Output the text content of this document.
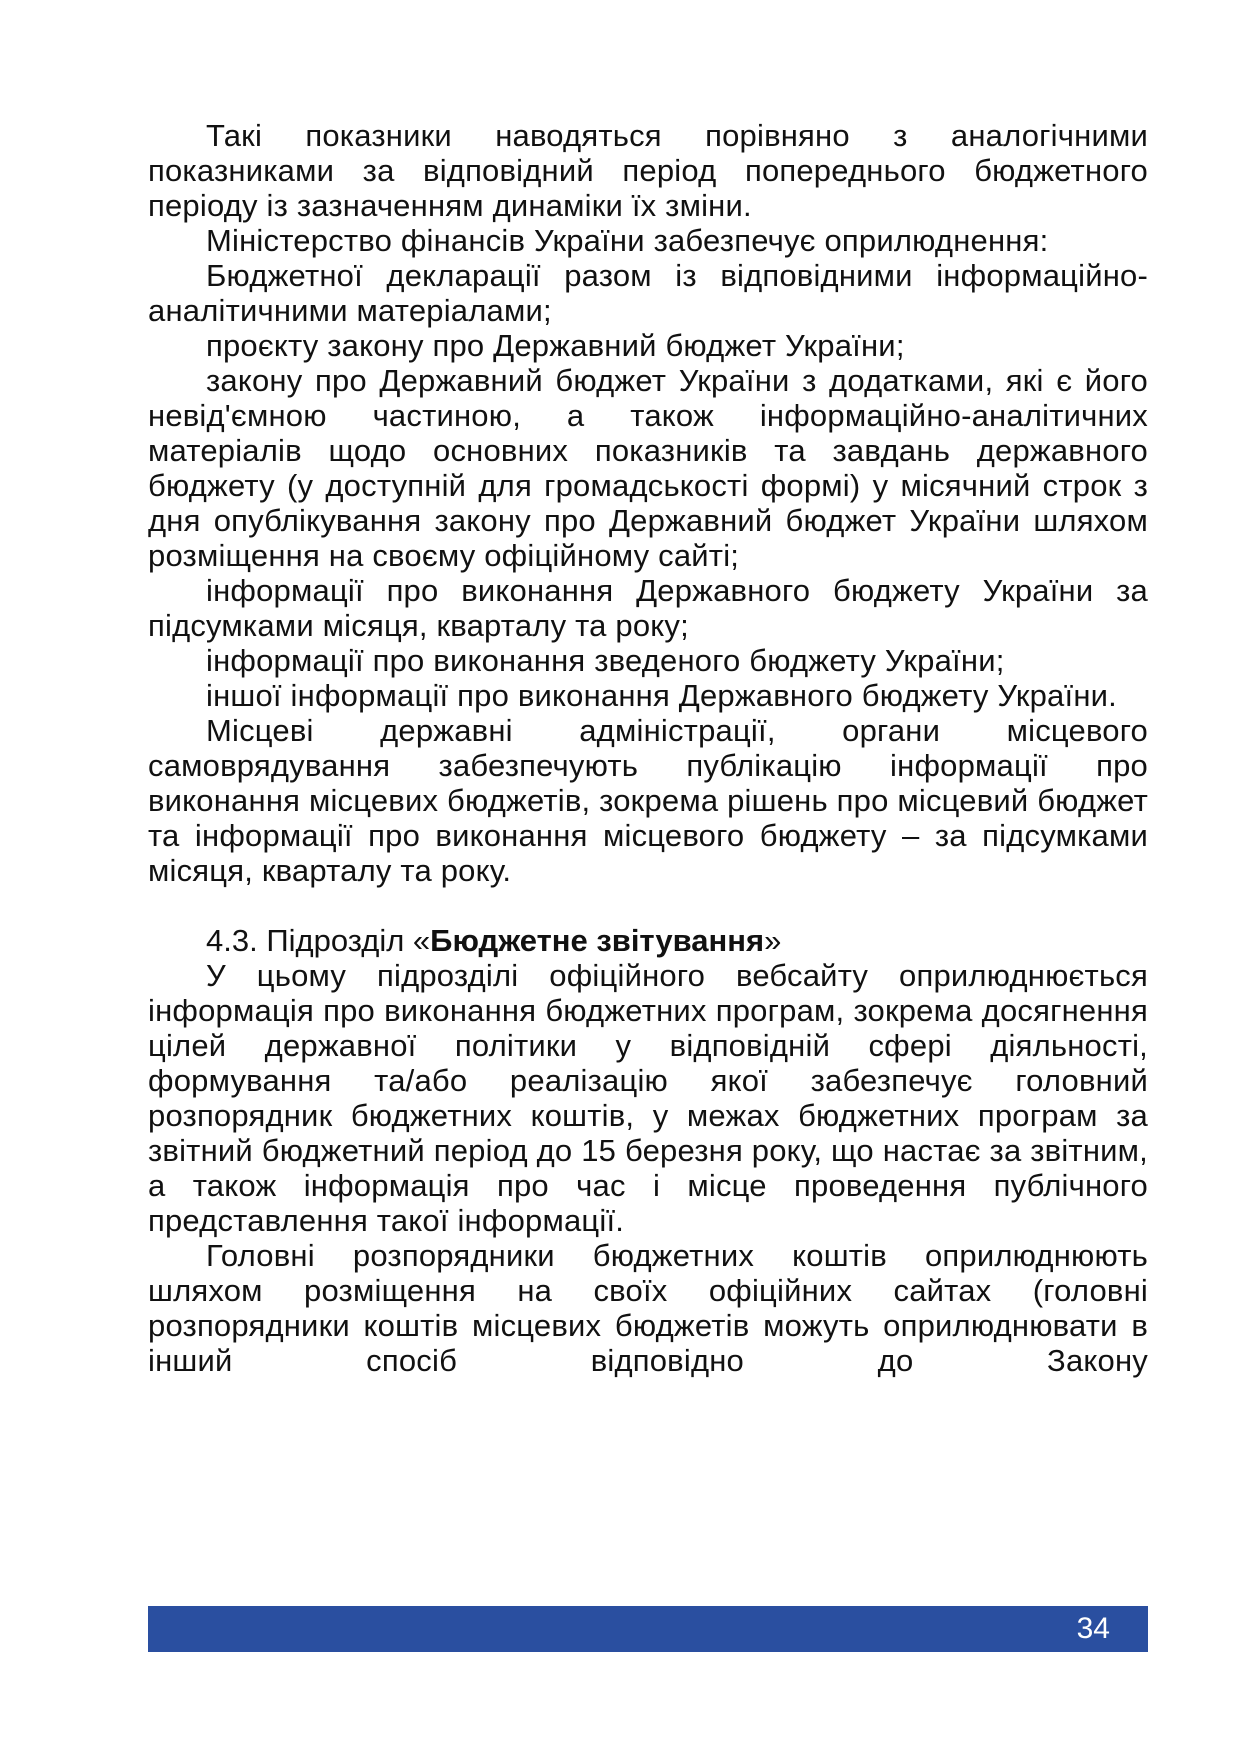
Такі показники наводяться порівняно з аналогічними показниками за відповідний період попереднього бюджетного періоду із зазначенням динаміки їх зміни.

Міністерство фінансів України забезпечує оприлюднення:

Бюджетної декларації разом із відповідними інформаційно-аналітичними матеріалами;

проєкту закону про Державний бюджет України;

закону про Державний бюджет України з додатками, які є його невід'ємною частиною, а також інформаційно-аналітичних матеріалів щодо основних показників та завдань державного бюджету (у доступній для громадськості формі) у місячний строк з дня опублікування закону про Державний бюджет України шляхом розміщення на своєму офіційному сайті;

інформації про виконання Державного бюджету України за підсумками місяця, кварталу та року;

інформації про виконання зведеного бюджету України;

іншої інформації про виконання Державного бюджету України.

Місцеві державні адміністрації, органи місцевого самоврядування забезпечують публікацію інформації про виконання місцевих бюджетів, зокрема рішень про місцевий бюджет та інформації про виконання місцевого бюджету – за підсумками місяця, кварталу та року.

4.3. Підрозділ «Бюджетне звітування»

У цьому підрозділі офіційного вебсайту оприлюднюється інформація про виконання бюджетних програм, зокрема досягнення цілей державної політики у відповідній сфері діяльності, формування та/або реалізацію якої забезпечує головний розпорядник бюджетних коштів, у межах бюджетних програм за звітний бюджетний період до 15 березня року, що настає за звітним, а також інформація про час і місце проведення публічного представлення такої інформації.

Головні розпорядники бюджетних коштів оприлюднюють шляхом розміщення на своїх офіційних сайтах (головні розпорядники коштів місцевих бюджетів можуть оприлюднювати в інший спосіб відповідно до Закону

34
